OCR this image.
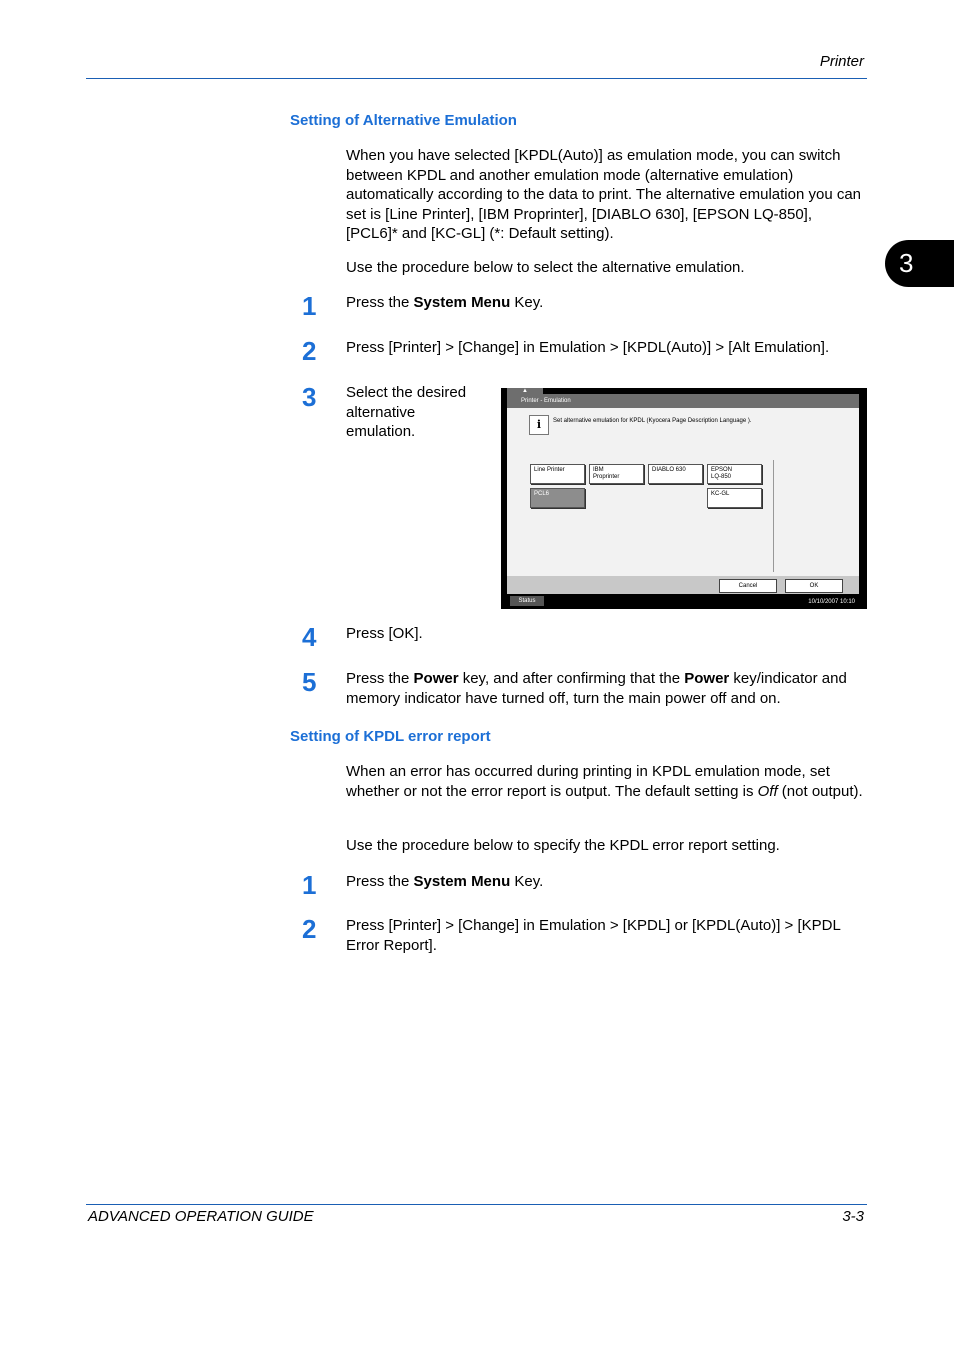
Printer
3
Setting of Alternative Emulation
When you have selected [KPDL(Auto)] as emulation mode, you can switch between KPDL and another emulation mode (alternative emulation) automatically according to the data to print. The alternative emulation you can set is [Line Printer], [IBM Proprinter], [DIABLO 630], [EPSON LQ-850], [PCL6]* and [KC-GL] (*: Default setting).
Use the procedure below to select the alternative emulation.
1	Press the System Menu Key.
2	Press [Printer] > [Change] in Emulation > [KPDL(Auto)] > [Alt Emulation].
3	Select the desired alternative emulation.
▲
Printer - Emulation
i	Set alternative emulation for KPDL (Kyocera Page Description Language ).
Line Printer	IBM
Proprinter
DIABLO 630	EPSON
LQ-850
PCL6	KC-GL
Cancel	OK
Status	10/10/2007 10:10
4	Press [OK].
5	Press the Power key, and after confirming that the Power key/indicator and memory indicator have turned off, turn the main power off and on.
Setting of KPDL error report
When an error has occurred during printing in KPDL emulation mode, set whether or not the error report is output. The default setting is Off (not output).
Use the procedure below to specify the KPDL error report setting.
1	Press the System Menu Key.
2	Press [Printer] > [Change] in Emulation > [KPDL] or [KPDL(Auto)] > [KPDL Error Report].
ADVANCED OPERATION GUIDE	3-3
